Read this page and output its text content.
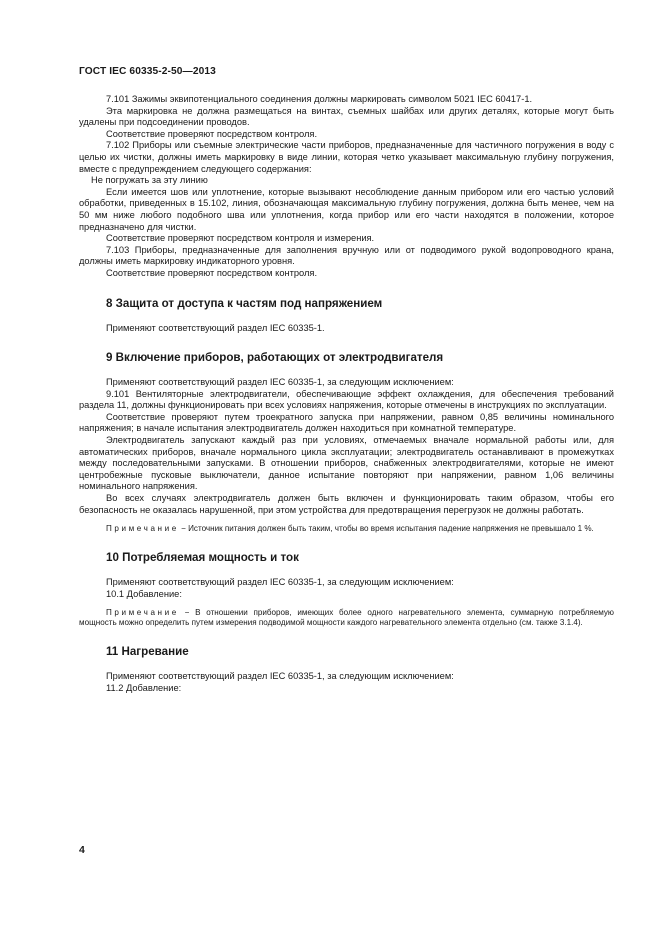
ГОСТ IEC 60335-2-50—2013

7.101 Зажимы эквипотенциального соединения должны маркировать символом 5021 IEC 60417-1.

Эта маркировка не должна размещаться на винтах, съемных шайбах или других деталях, которые могут быть удалены при подсоединении проводов.

Соответствие проверяют посредством контроля.

7.102 Приборы или съемные электрические части приборов, предназначенные для частичного погружения в воду с целью их чистки, должны иметь маркировку в виде линии, которая четко указывает максимальную глубину погружения, вместе с предупреждением следующего содержания:

Не погружать за эту линию

Если имеется шов или уплотнение, которые вызывают несоблюдение данным прибором или его частью условий обработки, приведенных в 15.102, линия, обозначающая максимальную глубину погружения, должна быть менее, чем на 50 мм ниже любого подобного шва или уплотнения, когда прибор или его части находятся в положении, которое предназначено для чистки.

Соответствие проверяют посредством контроля и измерения.

7.103 Приборы, предназначенные для заполнения вручную или от подводимого рукой водопроводного крана, должны иметь маркировку индикаторного уровня.

Соответствие проверяют посредством контроля.

8 Защита от доступа к частям под напряжением

Применяют соответствующий раздел IEC 60335-1.

9 Включение приборов, работающих от электродвигателя

Применяют соответствующий раздел IEC 60335-1, за следующим исключением:

9.101 Вентиляторные электродвигатели, обеспечивающие эффект охлаждения, для обеспечения требований раздела 11, должны функционировать при всех условиях напряжения, которые отмечены в инструкциях по эксплуатации.

Соответствие проверяют путем троекратного запуска при напряжении, равном 0,85 величины номинального напряжения; в начале испытания электродвигатель должен находиться при комнатной температуре.

Электродвигатель запускают каждый раз при условиях, отмечаемых вначале нормальной работы или, для автоматических приборов, вначале нормального цикла эксплуатации; электродвигатель останавливают в промежутках между последовательными запусками. В отношении приборов, снабженных электродвигателями, которые не имеют центробежные пусковые выключатели, данное испытание повторяют при напряжении, равном 1,06 величины номинального напряжения.

Во всех случаях электродвигатель должен быть включен и функционировать таким образом, чтобы его безопасность не оказалась нарушенной, при этом устройства для предотвращения перегрузок не должны работать.

Примечание − Источник питания должен быть таким, чтобы во время испытания падение напряжения не превышало 1 %.

10 Потребляемая мощность и ток

Применяют соответствующий раздел IEC 60335-1, за следующим исключением:

10.1 Добавление:

Примечание − В отношении приборов, имеющих более одного нагревательного элемента, суммарную потребляемую мощность можно определить путем измерения подводимой мощности каждого нагревательного элемента отдельно (см. также 3.1.4).

11 Нагревание

Применяют соответствующий раздел IEC 60335-1, за следующим исключением:

11.2 Добавление:

4
